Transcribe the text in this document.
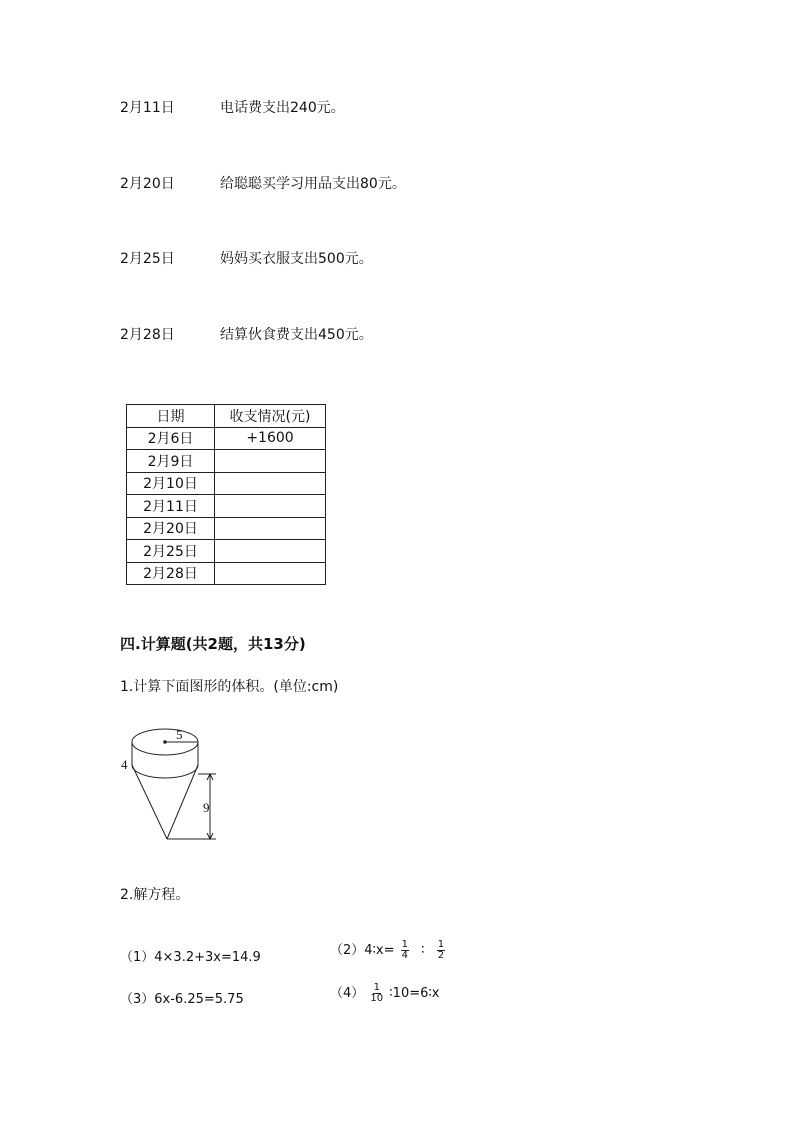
2月11日	电话费支出240元。
2月20日	给聪聪买学习用品支出80元。
2月25日	妈妈买衣服支出500元。
2月28日	结算伙食费支出450元。
日期	收支情况(元)
2月6日	+1600
2月9日	
2月10日	
2月11日	
2月20日	
2月25日	
2月28日	
四.计算题(共2题，共13分)
1.计算下面图形的体积。(单位:cm)
5
4
9
2.解方程。
（1）4×3.2+3x=14.9	（2）4∶x= $\frac{1}{4}$ ∶ $\frac{1}{2}$
（3）6x-6.25=5.75	$(4) \frac{1}{10}$ ∶10=6∶x
